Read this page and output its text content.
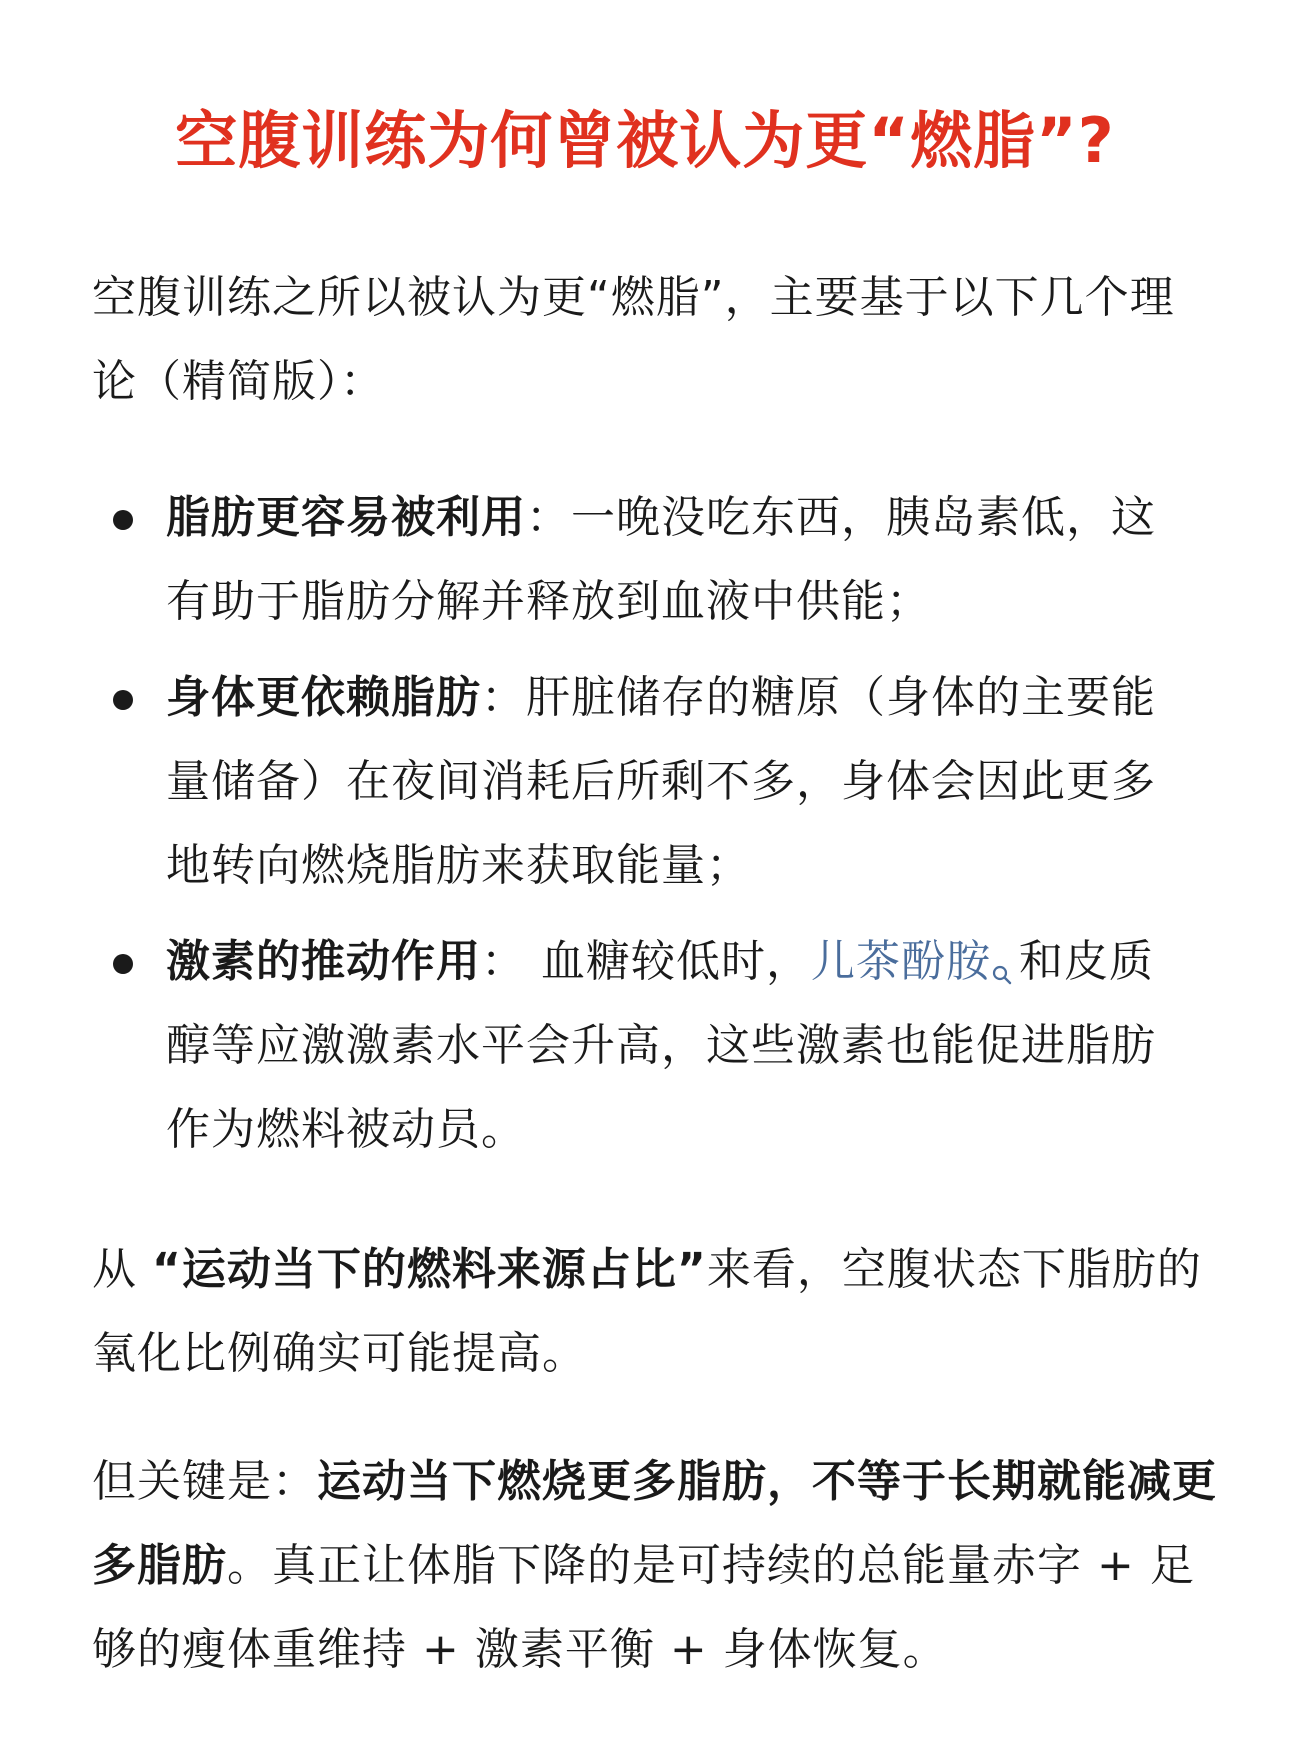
空腹训练为何曾被认为更“燃脂”?
空腹训练之所以被认为更“燃脂”，主要基于以下几个理论（精简版）：
脂肪更容易被利用：一晚没吃东西，胰岛素低，这有助于脂肪分解并释放到血液中供能；
身体更依赖脂肪：肝脏储存的糖原（身体的主要能量储备）在夜间消耗后所剩不多，身体会因此更多地转向燃烧脂肪来获取能量；
激素的推动作用： 血糖较低时，儿茶酚胺 和皮质醇等应激激素水平会升高，这些激素也能促进脂肪作为燃料被动员。
从 “运动当下的燃料来源占比”来看，空腹状态下脂肪的氧化比例确实可能提高。
但关键是：运动当下燃烧更多脂肪，不等于长期就能减更多脂肪。真正让体脂下降的是可持续的总能量赤字 + 足够的瘦体重维持 + 激素平衡 + 身体恢复。
